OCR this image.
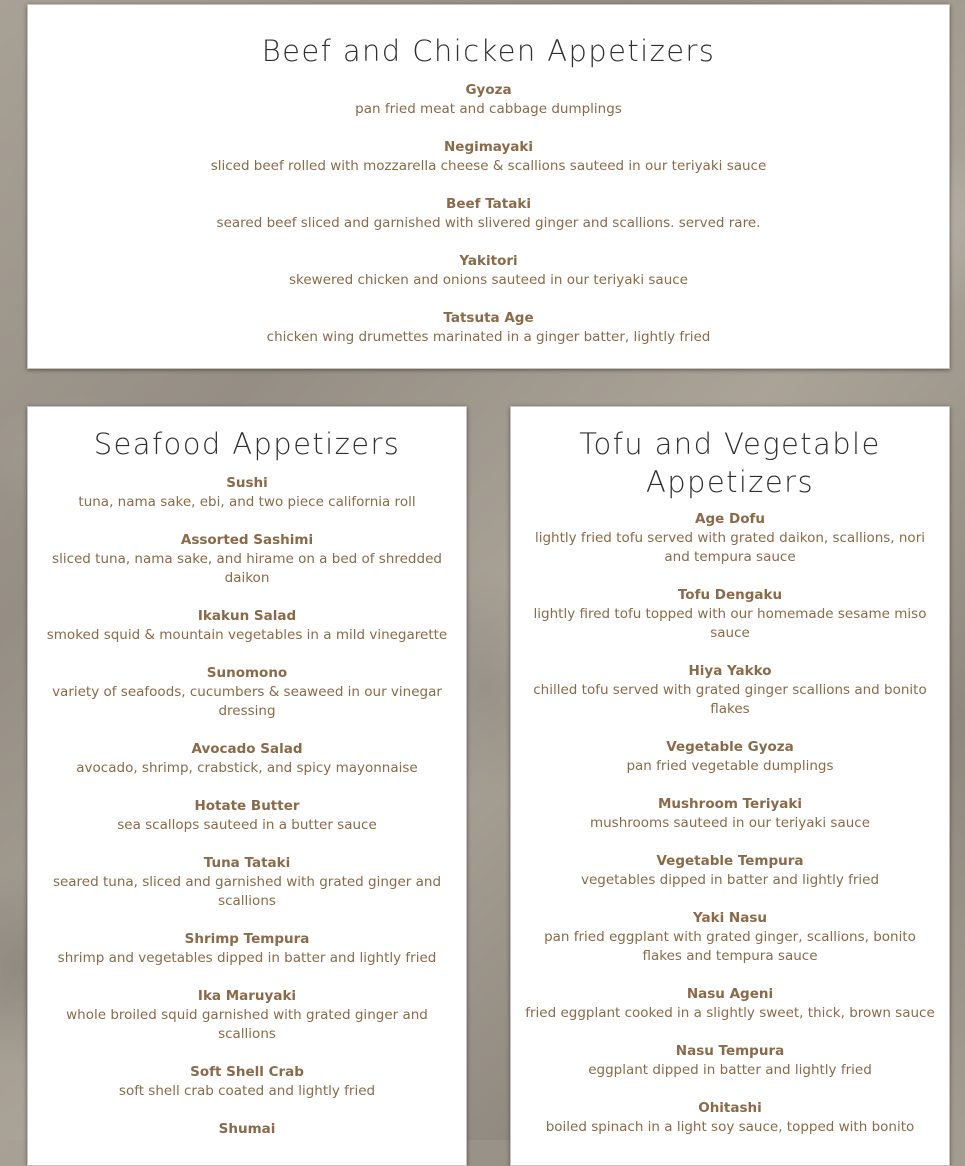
Beef and Chicken Appetizers
Gyoza
pan fried meat and cabbage dumplings
Negimayaki
sliced beef rolled with mozzarella cheese & scallions sauteed in our teriyaki sauce
Beef Tataki
seared beef sliced and garnished with slivered ginger and scallions. served rare.
Yakitori
skewered chicken and onions sauteed in our teriyaki sauce
Tatsuta Age
chicken wing drumettes marinated in a ginger batter, lightly fried
Seafood Appetizers
Sushi
tuna, nama sake, ebi, and two piece california roll
Assorted Sashimi
sliced tuna, nama sake, and hirame on a bed of shredded daikon
Ikakun Salad
smoked squid & mountain vegetables in a mild vinegarette
Sunomono
variety of seafoods, cucumbers & seaweed in our vinegar dressing
Avocado Salad
avocado, shrimp, crabstick, and spicy mayonnaise
Hotate Butter
sea scallops sauteed in a butter sauce
Tuna Tataki
seared tuna, sliced and garnished with grated ginger and scallions
Shrimp Tempura
shrimp and vegetables dipped in batter and lightly fried
Ika Maruyaki
whole broiled squid garnished with grated ginger and scallions
Soft Shell Crab
soft shell crab coated and lightly fried
Shumai
Tofu and Vegetable Appetizers
Age Dofu
lightly fried tofu served with grated daikon, scallions, nori and tempura sauce
Tofu Dengaku
lightly fired tofu topped with our homemade sesame miso sauce
Hiya Yakko
chilled tofu served with grated ginger scallions and bonito flakes
Vegetable Gyoza
pan fried vegetable dumplings
Mushroom Teriyaki
mushrooms sauteed in our teriyaki sauce
Vegetable Tempura
vegetables dipped in batter and lightly fried
Yaki Nasu
pan fried eggplant with grated ginger, scallions, bonito flakes and tempura sauce
Nasu Ageni
fried eggplant cooked in a slightly sweet, thick, brown sauce
Nasu Tempura
eggplant dipped in batter and lightly fried
Ohitashi
boiled spinach in a light soy sauce, topped with bonito
